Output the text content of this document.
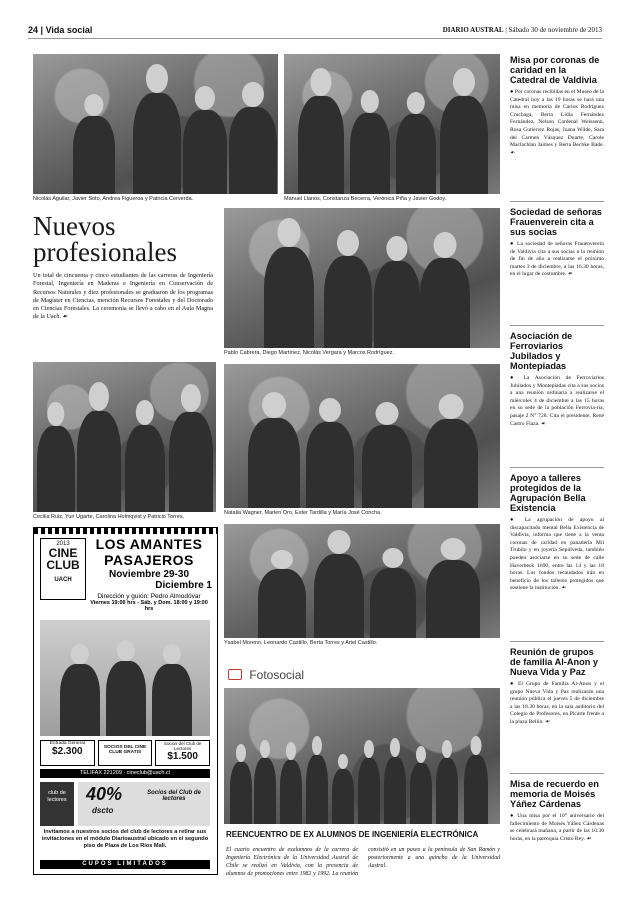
24 | Vida social	DIARIO AUSTRAL | Sábado 30 de noviembre de 2013
Nicolás Aguilar, Javier Soto, Andrea Figueroa y Patricia Cerverda.	Manuel Llanos, Constanza Becerra, Verónica Piña y Javier Godoy.
Nuevos
profesionales
Un total de cincuenta y cinco estudiantes de las carreras de Ingeniería Forestal, Ingeniería en Maderas e Ingeniería en Conservación de Recursos Naturales y diez profesionales se graduaron de los programas de Magíster en Ciencias, mención Recursos Forestales y del Doctorado en Ciencias Forestales. La ceremonia se llevó a cabo en el Aula Magna de la Uach. ☙
Pablo Cabrera, Diego Martínez, Nicolás Vergara y Marcos Rodríguez.
Cecilia Ruiz, Yuri Ugarte, Carolina Holmqvist y Patricio Torres.
Natalia Wagner, Marlen Oro, Ester Tardilla y María José Concha.
Ysabel Moreno, Leonardo Castillo, Berta Torres y Ariel Castillo.
Fotosocial
REENCUENTRO DE EX ALUMNOS DE INGENIERÍA ELECTRÓNICA
El cuarto encuentro de exalumnos de la carrera de Ingeniería Electrónica de la Universidad Austral de Chile se realizó en Valdivia, con la presencia de alumnos de promociones entre 1982 y 1992. La reunión consistió en un paseo a la península de San Ramón y posteriormente a una quincho de la Universidad Austral.
Misa por coronas de caridad en la Catedral de Valdivia
● Por coronas recibidas en el Museo de la Catedral hoy a las 19 horas se hará una misa en memoria de Carlos Rodríguez Cruchaga, Berta Lidia Fernández Fernández, Nelson Cardenal Weissenn, Rosa Gutiérrez Rojas, Juana Wilde, Sara del Carmen Vásquez Duarte, Carole Maclachlan Jaimes y Berta Bechke Bade. ☙
Sociedad de señoras Frauenverein cita a sus socias
● La sociedad de señoras Frauenverein de Valdivia cita a sus socias a la reunión de fin de año a realizarse el próximo martes 3 de diciembre, a las 16.30 horas, en el lugar de costumbre. ☙
Asociación de Ferroviarios Jubilados y Montepiadas
● La Asociación de Ferroviarios Jubilados y Montepiadas cita a sus socios a una reunión ordinaria a realizarse el miércoles 4 de diciembre a las 15 horas en su sede de la población Ferrovia-ria, pasaje 2 N° 728. Cita el presidente, René Castro Flaza. ☙
Apoyo a talleres protegidos de la Agrupación Bella Existencia
● La agrupación de apoyo al discapacitado mental Bella Existencia de Valdivia, informa que tiene a la venta coronas de caridad en panadería Mil Trubilo y en joyería Sepúlveda, también pueden asociarse en su sede de calle Haverbeck 1690, entre las 14 y las 18 horas. Los fondos recaudados irán en beneficio de los talleres protegidos que sostiene la institución. ☙
Reunión de grupos de familia Al-Anon y Nueva Vida y Paz
● El Grupo de Familia Al-Anon y el grupo Nueva Vida y Paz realizarán una reunión pública el jueves 5 de diciembre a las 18.30 horas, en la sala auditorio del Colegio de Profesores, en Picarte frente a la plaza Bellin. ☙
Misa de recuerdo en memoria de Moisés Yáñez Cárdenas
● Una misa por el 10° aniversario del fallecimiento de Moisés Yáñez Cárdenas se celebrará mañana, a partir de las 10.30 horas, en la parroquia Cristo Rey. ☙
2013
CINE
CLUB
UACH
LOS AMANTES
PASAJEROS
Noviembre 29-30
Diciembre 1
Dirección y guión: Pedro Almodóvar
Viernes 19:00 hrs - Sáb. y Dom. 18:00 y 19:00 hrs
Entrada General
$2.300	SOCIOS DEL CINE CLUB GRATIS
Socios del Club de Lectores
$1.500
TELIFAX 221209 · cineclub@uach.cl
club de lectores	40%
dscto
Socios del Club de lectores
Invitamos a nuestros socios del club de lectores a retirar sus invitaciones en el módulo Diarioaustral ubicado en el segundo piso de Plaza de Los Ríos Mall.
CUPOS LIMITADOS
